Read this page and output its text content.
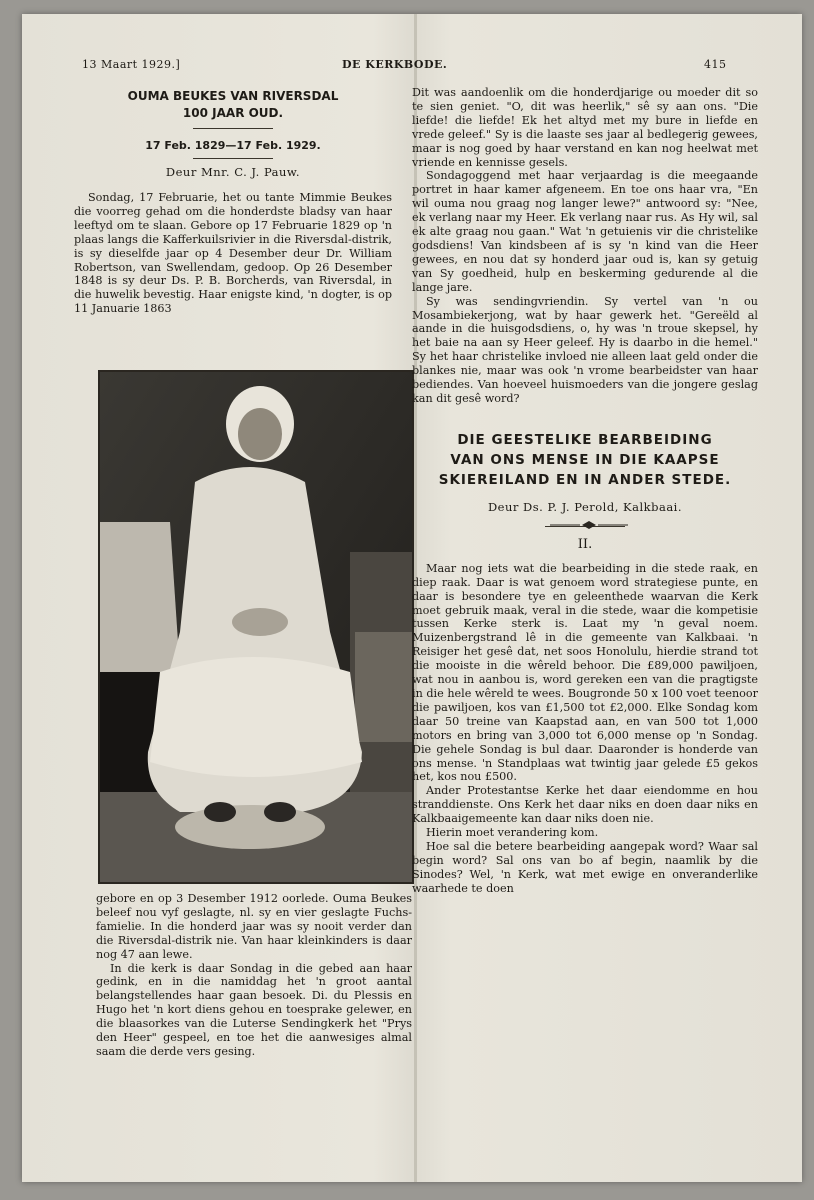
13 Maart 1929.]	DE KERKBODE.	415
OUMA BEUKES VAN RIVERSDAL
100 JAAR OUD.
17 Feb. 1829—17 Feb. 1929.
Deur Mnr. C. J. Pauw.

Sondag, 17 Februarie, het ou tante Mimmie Beukes die voorreg gehad om die honderdste bladsy van haar leeftyd om te slaan. Gebore op 17 Februarie 1829 op 'n plaas langs die Kafferkuilsrivier in die Riversdal-distrik, is sy dieselfde jaar op 4 Desember deur Dr. William Robertson, van Swellendam, gedoop. Op 26 Desember 1848 is sy deur Ds. P. B. Borcherds, van Riversdal, in die huwelik bevestig. Haar enigste kind, 'n dogter, is op 11 Januarie 1863

gebore en op 3 Desember 1912 oorlede. Ouma Beukes beleef nou vyf geslagte, nl. sy en vier geslagte Fuchs-famielie. In die honderd jaar was sy nooit verder dan die Riversdal-distrik nie. Van haar kleinkinders is daar nog 47 aan lewe.

In die kerk is daar Sondag in die gebed aan haar gedink, en in die namiddag het 'n groot aantal belangstellendes haar gaan besoek. Di. du Plessis en Hugo het 'n kort diens gehou en toesprake gelewer, en die blaasorkes van die Luterse Sendingkerk het "Prys den Heer" gespeel, en toe het die aanwesiges almal saam die derde vers gesing.

Dit was aandoenlik om die honderdjarige ou moeder dit so te sien geniet. "O, dit was heerlik," sê sy aan ons. "Die liefde! die liefde! Ek het altyd met my bure in liefde en vrede geleef." Sy is die laaste ses jaar al bedlegerig gewees, maar is nog goed by haar verstand en kan nog heelwat met vriende en kennisse gesels.

Sondagoggend met haar verjaardag is die meegaande portret in haar kamer afgeneem. En toe ons haar vra, "En wil ouma nou graag nog langer lewe?" antwoord sy: "Nee, ek verlang naar my Heer. Ek verlang naar rus. As Hy wil, sal ek alte graag nou gaan." Wat 'n getuienis vir die christelike godsdiens! Van kindsbeen af is sy 'n kind van die Heer gewees, en nou dat sy honderd jaar oud is, kan sy getuig van Sy goedheid, hulp en beskerming gedurende al die lange jare.

Sy was sendingvriendin. Sy vertel van 'n ou Mosambiekerjong, wat by haar gewerk het. "Gereëld al aande in die huisgodsdiens, o, hy was 'n troue skepsel, hy het baie na aan sy Heer geleef. Hy is daarbo in die hemel." Sy het haar christelike invloed nie alleen laat geld onder die blankes nie, maar was ook 'n vrome bearbeidster van haar bediendes. Van hoeveel huismoeders van die jongere geslag kan dit gesê word?

DIE GEESTELIKE BEARBEIDING
VAN ONS MENSE IN DIE KAAPSE
SKIEREILAND EN IN ANDER STEDE.
Deur Ds. P. J. Perold, Kalkbaai.
II.

Maar nog iets wat die bearbeiding in die stede raak, en diep raak. Daar is wat genoem word strategiese punte, en daar is besondere tye en geleenthede waarvan die Kerk moet gebruik maak, veral in die stede, waar die kompetisie tussen Kerke sterk is. Laat my 'n geval noem. Muizenbergstrand lê in die gemeente van Kalkbaai. 'n Reisiger het gesê dat, net soos Honolulu, hierdie strand tot die mooiste in die wêreld behoor. Die £89,000 pawiljoen, wat nou in aanbou is, word gereken een van die pragtigste in die hele wêreld te wees. Bougronde 50 x 100 voet teenoor die pawiljoen, kos van £1,500 tot £2,000. Elke Sondag kom daar 50 treine van Kaapstad aan, en van 500 tot 1,000 motors en bring van 3,000 tot 6,000 mense op 'n Sondag. Die gehele Sondag is bul daar. Daaronder is honderde van ons mense. 'n Standplaas wat twintig jaar gelede £5 gekos het, kos nou £500.

Ander Protestantse Kerke het daar eiendomme en hou stranddienste. Ons Kerk het daar niks en doen daar niks en Kalkbaaigemeente kan daar niks doen nie.

Hierin moet verandering kom.

Hoe sal die betere bearbeiding aangepak word? Waar sal begin word? Sal ons van bo af begin, naamlik by die Sinodes? Wel, 'n Kerk, wat met ewige en onveranderlike waarhede te doen
